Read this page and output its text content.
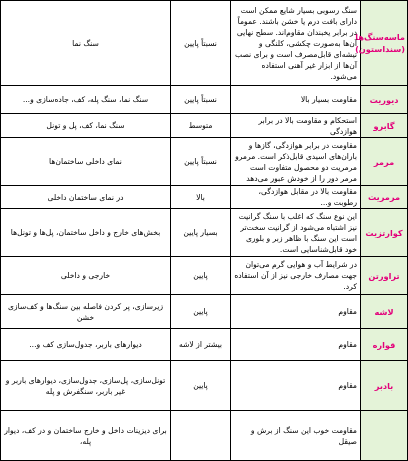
ماسه‌سنگ‌ها (سنداستون)	سنگ رسوبی بسیار شایع ممکن است دارای بافت درم یا خشن باشند. عموماً در برابر یخبندان مقاوم‌اند. سطح نهایی آن‌ها به‌صورت چکشی، کلنگی و تیشه‌ای قابل‌مصرف است و برای نصب آن‌ها از ابزار غیر آهنی استفاده می‌شود.	نسبتاً پایین	سنگ نما
دیوریت	مقاومت بسیار بالا	نسبتاً پایین	سنگ نما، سنگ پله، کف، جاده‌سازی و...
گابرو	استحکام و مقاومت بالا در برابر هوازدگی	متوسط	سنگ نما، کف، پل و تونل
مرمر	مقاومت در برابر هوازدگی، گازها و باران‌های اسیدی قابل‌ذکر است. مرمرو مرمریت دو محصول متفاوت است مرمر دور را از خودش عبور می‌دهد	نسبتاً پایین	نمای داخلی ساختمان‌ها
مرمریت	مقاومت بالا در مقابل هوازدگی، رطوبت و...	بالا	در نمای ساختمان داخلی
کوارتزیت	این نوع سنگ که اغلب با سنگ گرانیت نیز اشتباه می‌شود از گرانیت سخت‌تر است این سنگ با ظاهر زبر و بلوری خود قابل‌شناسایی است.	بسیار پایین	بخش‌های خارج و داخل ساختمان، پل‌ها و تونل‌ها
تراورتن	در شرایط آب و هوایی گرم می‌توان جهت مصارف خارجی نیز از آن استفاده کرد.	پایین	خارجی و داخلی
لاشه	مقاوم	پایین	زیرسازی، پر کردن فاصله بین سنگ‌ها و کف‌سازی خشن
قواره	مقاوم	بیشتر از لاشه	دیوارهای باربر، جدول‌سازی کف و...
بادبر	مقاوم	پایین	تونل‌سازی، پل‌سازی، جدول‌سازی، دیوارهای باربر و غیر باربر، سنگفرش و پله
	مقاومت خوب این سنگ از برش و صیقل		برای دیزینات داخل و خارج ساختمان و در کف، دیوار پله،
